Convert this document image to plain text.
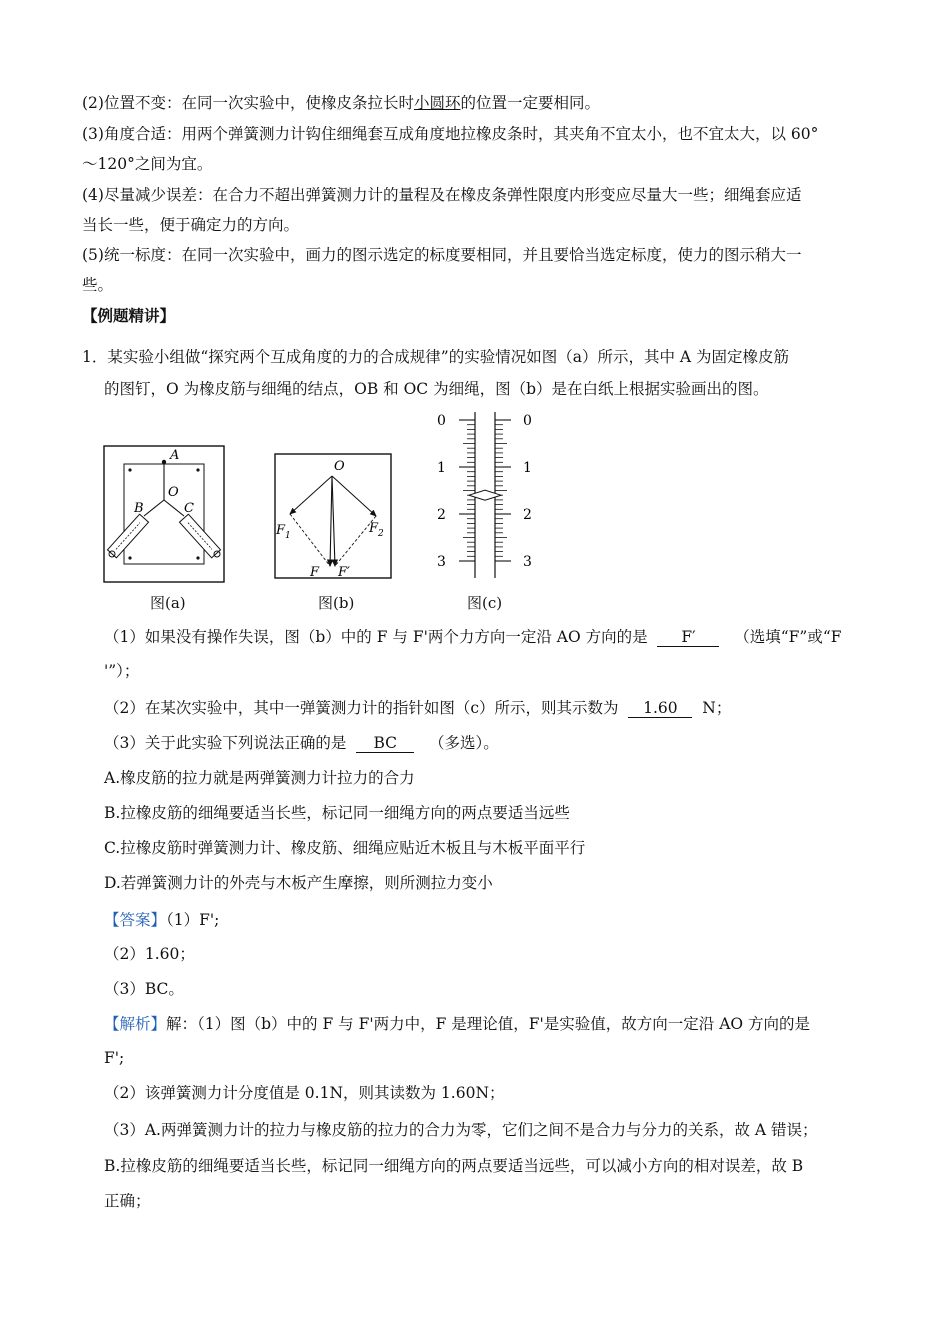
(2)位置不变：在同一次实验中，使橡皮条拉长时小圆环的位置一定要相同。
(3)角度合适：用两个弹簧测力计钩住细绳套互成角度地拉橡皮条时，其夹角不宜太小，也不宜太大，以 60°
～120°之间为宜。
(4)尽量减少误差：在合力不超出弹簧测力计的量程及在橡皮条弹性限度内形变应尽量大一些；细绳套应适
当长一些，便于确定力的方向。
(5)统一标度：在同一次实验中，画力的图示选定的标度要相同，并且要恰当选定标度，使力的图示稍大一
些。
【例题精讲】
1．某实验小组做“探究两个互成角度的力的合成规律”的实验情况如图（a）所示，其中 A 为固定橡皮筋
的图钉，O 为橡皮筋与细绳的结点，OB 和 OC 为细绳，图（b）是在白纸上根据实验画出的图。
A
O
B	C
图(a)
O
$F_1$	$F_2$
F F′
图(b)
0
1
2
3
0
1
2
3
图(c)
（1）如果没有操作失误，图（b）中的 F 与 F'两个力方向一定沿 AO 方向的是 F′ （选填“F”或“F
'”）；
（2）在某次实验中，其中一弹簧测力计的指针如图（c）所示，则其示数为 1.60 N；
（3）关于此实验下列说法正确的是 BC （多选）。
A.橡皮筋的拉力就是两弹簧测力计拉力的合力
B.拉橡皮筋的细绳要适当长些，标记同一细绳方向的两点要适当远些
C.拉橡皮筋时弹簧测力计、橡皮筋、细绳应贴近木板且与木板平面平行
D.若弹簧测力计的外壳与木板产生摩擦，则所测拉力变小
【答案】（1）F';
（2）1.60；
（3）BC。
【解析】解：（1）图（b）中的 F 与 F'两力中，F 是理论值，F'是实验值，故方向一定沿 AO 方向的是
F';
（2）该弹簧测力计分度值是 0.1N，则其读数为 1.60N；
（3）A.两弹簧测力计的拉力与橡皮筋的拉力的合力为零，它们之间不是合力与分力的关系，故 A 错误；
B.拉橡皮筋的细绳要适当长些，标记同一细绳方向的两点要适当远些，可以减小方向的相对误差，故 B
正确；
